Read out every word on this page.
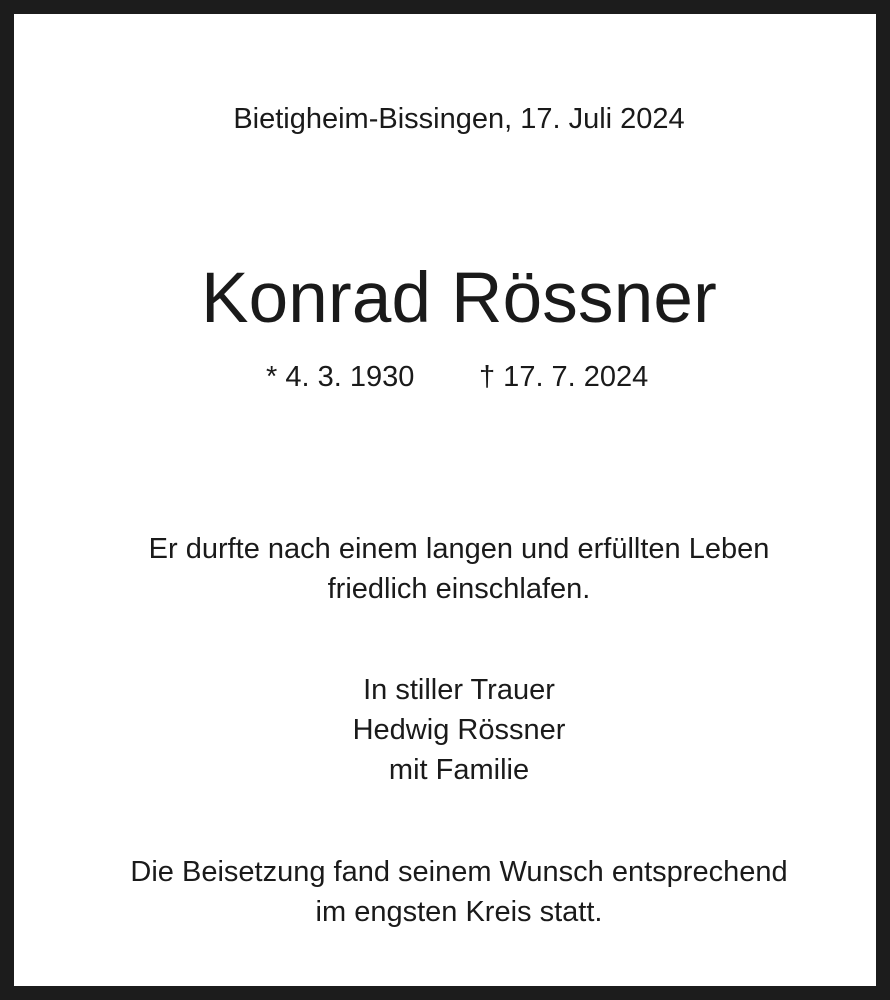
Bietigheim-Bissingen, 17. Juli 2024
Konrad Rössner
* 4. 3. 1930 † 17. 7. 2024
Er durfte nach einem langen und erfüllten Leben
friedlich einschlafen.
In stiller Trauer
Hedwig Rössner
mit Familie
Die Beisetzung fand seinem Wunsch entsprechend
im engsten Kreis statt.
